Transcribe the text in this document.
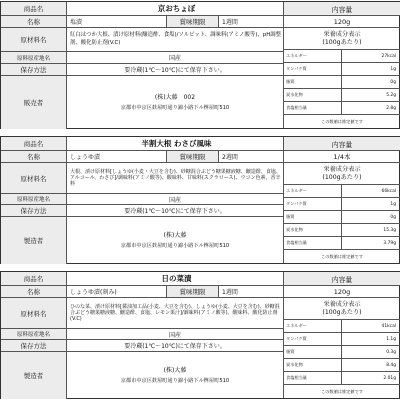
商品名	京おちょぼ
名称	塩漬	賞味期限	1週間
原材料名
紅白はつか大根、漬け原材料(醸造酢、食塩)/ソルビット、調味料(アミノ酸等)、pH調整剤、酸化防止剤(V.C)
原料原産地名	国産
保存方法	要冷蔵(1℃〜10℃)にて保存下さい。
販売者
(株)大藤　002
京都市中京区麸屋町通り錦小路下ル桝屋町510
内容量
120g
栄養成分表示
(100gあたり)
エネルギー	27kcal
タンパク質	1g
脂質	0g
炭水化物	5.2g
食塩相当量	2.8g
この数値は推定値です
商品名	半割大根 わさび風味
名称	しょうゆ漬	賞味期限	2週間
原材料名
大根、漬け原材料[しょうゆ(小麦・大豆を含む)、砂糖混合ぶどう糖果糖液糖、醸造酢、食塩、アルコール、わさび]/調味料(アミノ酸等)、酸味料、甘味料(スクラロース)、ウコン色素、香辛料
原料原産地名	国産
保存方法	要冷蔵(1℃〜10℃)にて保存下さい。
製造者
(株)大藤
京都市中京区麸屋町通り錦小路下ル桝屋町510
内容量
1/4本
栄養成分表示
(100gあたり)
エネルギー	66kcal
タンパク質	1g
脂質	0g
炭水化物	15.3g
食塩相当量	3.79g
この数値は推定値です
商品名	日の菜漬
名称	しょうゆ漬(刻み)	賞味期限	1週間
原材料名
ひのな菜、漬け原材料[醤油加工品(小麦、大豆を含む)、しょうゆ(小麦、大豆を含む)、砂糖混合ぶどう糖果糖液糖、醸造酢、食塩、レモン果汁]/調味料(アミノ酸等)、酸味料、酸化防止剤(V.C)
原料原産地名	国産
保存方法	要冷蔵(1℃〜10℃)にて保存下さい。
製造者
(株)大藤
京都市中京区麸屋町通り錦小路下ル桝屋町510
内容量
120g
栄養成分表示
(100gあたり)
エネルギー	41kcal
タンパク質	1.1g
脂質	0.3g
炭水化物	8.4g
食塩相当量	2.01g
この数値は推定値です
